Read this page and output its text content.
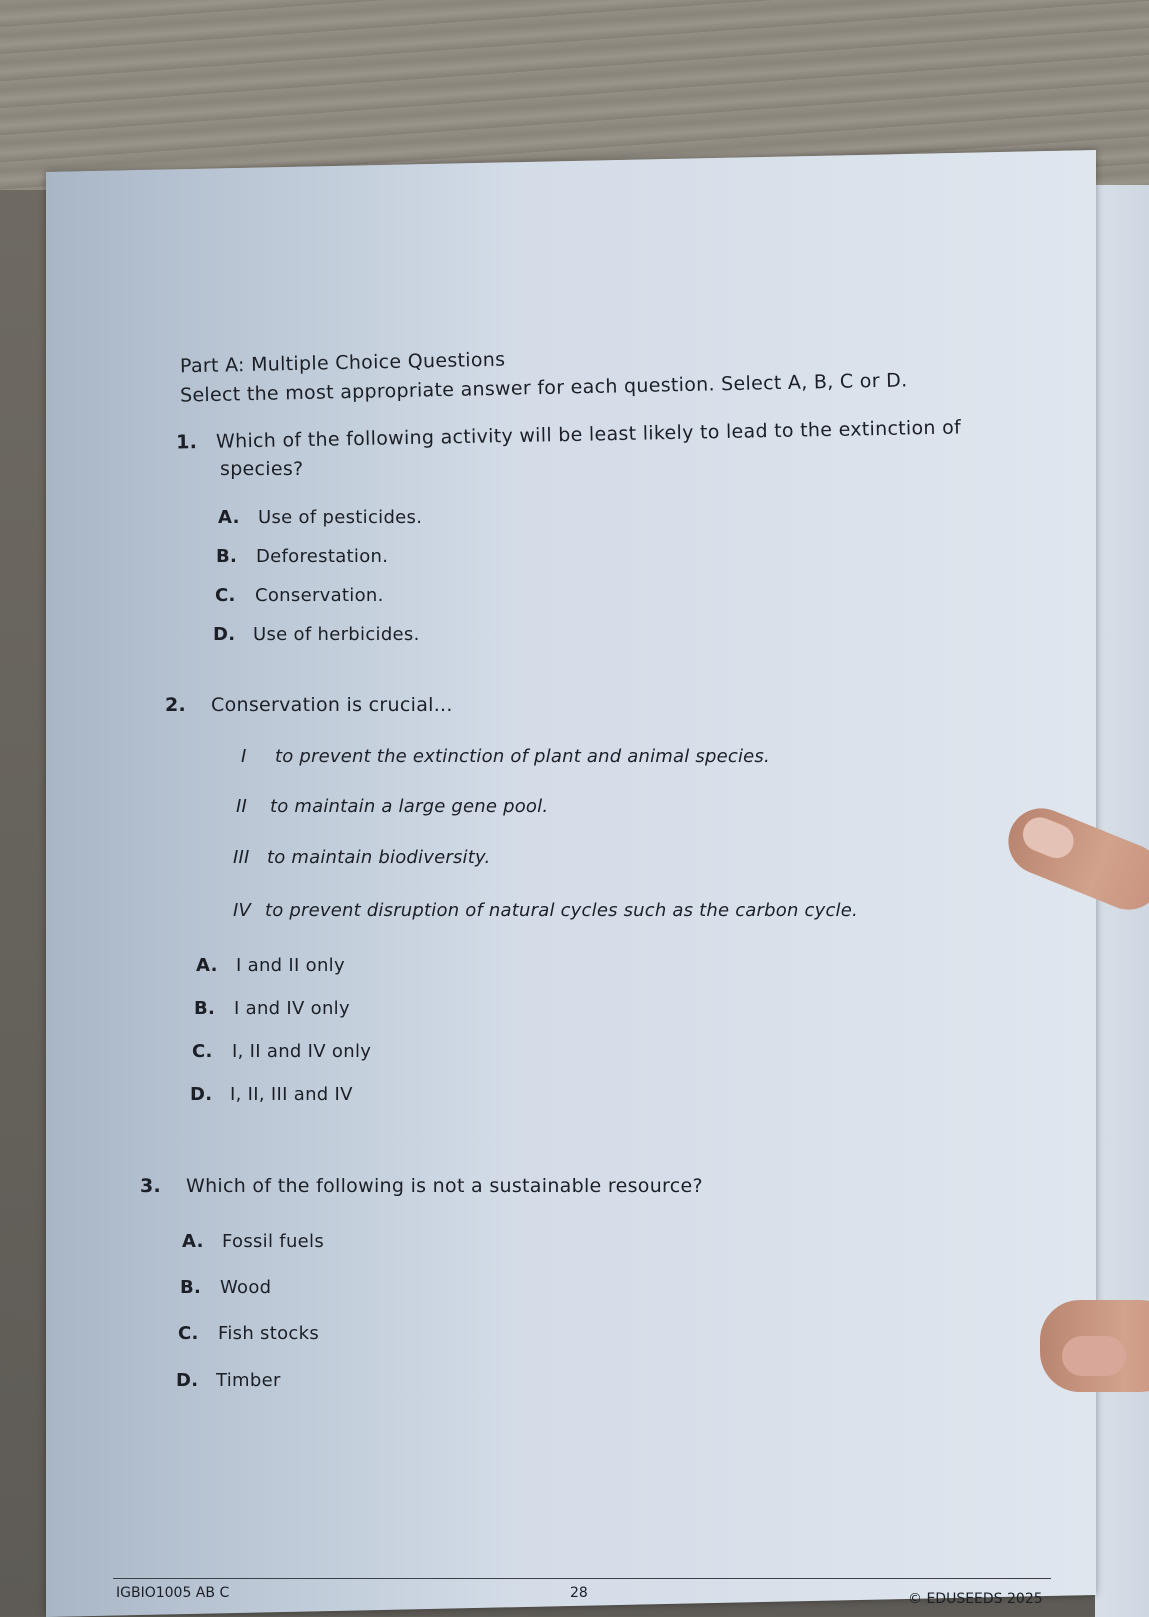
Part A: Multiple Choice Questions
Select the most appropriate answer for each question. Select A, B, C or D.
1. Which of the following activity will be least likely to lead to the extinction of
species?
A. Use of pesticides.
B. Deforestation.
C. Conservation.
D. Use of herbicides.
2. Conservation is crucial...
I to prevent the extinction of plant and animal species.
II to maintain a large gene pool.
III to maintain biodiversity.
IV to prevent disruption of natural cycles such as the carbon cycle.
A. I and II only
B. I and IV only
C. I, II and IV only
D. I, II, III and IV
3. Which of the following is not a sustainable resource?
A. Fossil fuels
B. Wood
C. Fish stocks
D. Timber
IGBIO1005 AB C	28	© EDUSEEDS 2025
